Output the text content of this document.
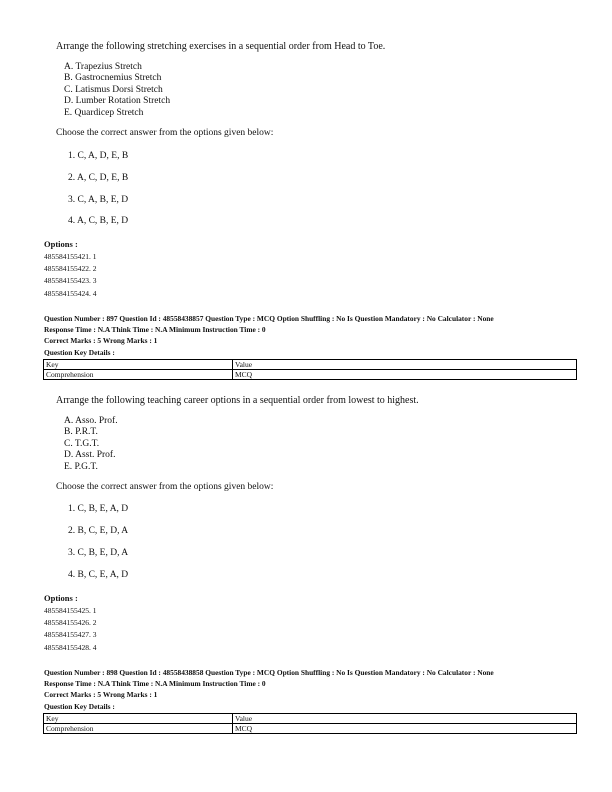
Arrange the following stretching exercises in a sequential order from Head to Toe.
A. Trapezius Stretch
B. Gastrocnemius Stretch
C. Latismus Dorsi Stretch
D. Lumber Rotation Stretch
E. Quardicep Stretch
Choose the correct answer from the options given below:
1. C, A, D, E, B
2. A, C, D, E, B
3. C, A, B, E, D
4. A, C, B, E, D
Options :
485584155421. 1
485584155422. 2
485584155423. 3
485584155424. 4
Question Number : 897 Question Id : 48558438857 Question Type : MCQ Option Shuffling : No Is Question Mandatory : No Calculator : None
Response Time : N.A Think Time : N.A Minimum Instruction Time : 0
Correct Marks : 5 Wrong Marks : 1
Question Key Details :
Key	Value
Comprehension	MCQ
Arrange the following teaching career options in a sequential order from lowest to highest.
A. Asso. Prof.
B. P.R.T.
C. T.G.T.
D. Asst. Prof.
E. P.G.T.
Choose the correct answer from the options given below:
1. C, B, E, A, D
2. B, C, E, D, A
3. C, B, E, D, A
4. B, C, E, A, D
Options :
485584155425. 1
485584155426. 2
485584155427. 3
485584155428. 4
Question Number : 898 Question Id : 48558438858 Question Type : MCQ Option Shuffling : No Is Question Mandatory : No Calculator : None
Response Time : N.A Think Time : N.A Minimum Instruction Time : 0
Correct Marks : 5 Wrong Marks : 1
Question Key Details :
Key	Value
Comprehension	MCQ
